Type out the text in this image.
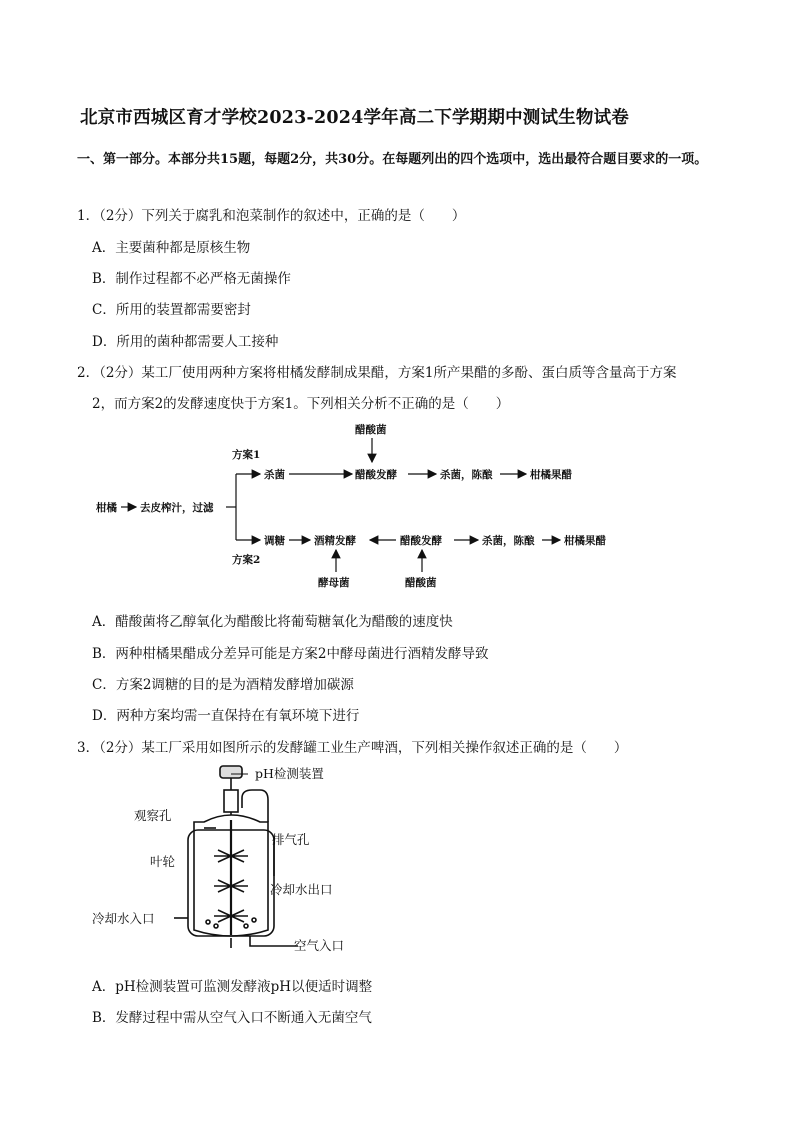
北京市西城区育才学校2023-2024学年高二下学期期中测试生物试卷
一、第一部分。本部分共15题，每题2分，共30分。在每题列出的四个选项中，选出最符合题目要求的一项。
1．（2分）下列关于腐乳和泡菜制作的叙述中，正确的是（　　）
A．主要菌种都是原核生物
B．制作过程都不必严格无菌操作
C．所用的装置都需要密封
D．所用的菌种都需要人工接种
2．（2分）某工厂使用两种方案将柑橘发酵制成果醋，方案1所产果醋的多酚、蛋白质等含量高于方案
2，而方案2的发酵速度快于方案1。下列相关分析不正确的是（　　）
柑橘 去皮榨汁，过滤
方案1
方案2
杀菌
醋酸菌
醋酸发酵	杀菌，陈酿	柑橘果醋
调糖	酒精发酵
酵母菌
醋酸发酵
醋酸菌
杀菌，陈酿	柑橘果醋
A．醋酸菌将乙醇氧化为醋酸比将葡萄糖氧化为醋酸的速度快
B．两种柑橘果醋成分差异可能是方案2中酵母菌进行酒精发酵导致
C．方案2调糖的目的是为酒精发酵增加碳源
D．两种方案均需一直保持在有氧环境下进行
3．（2分）某工厂采用如图所示的发酵罐工业生产啤酒，下列相关操作叙述正确的是（　　）
pH检测装置
观察孔
排气孔
叶轮
冷却水出口
冷却水入口
空气入口
A．pH检测装置可监测发酵液pH以便适时调整
B．发酵过程中需从空气入口不断通入无菌空气
